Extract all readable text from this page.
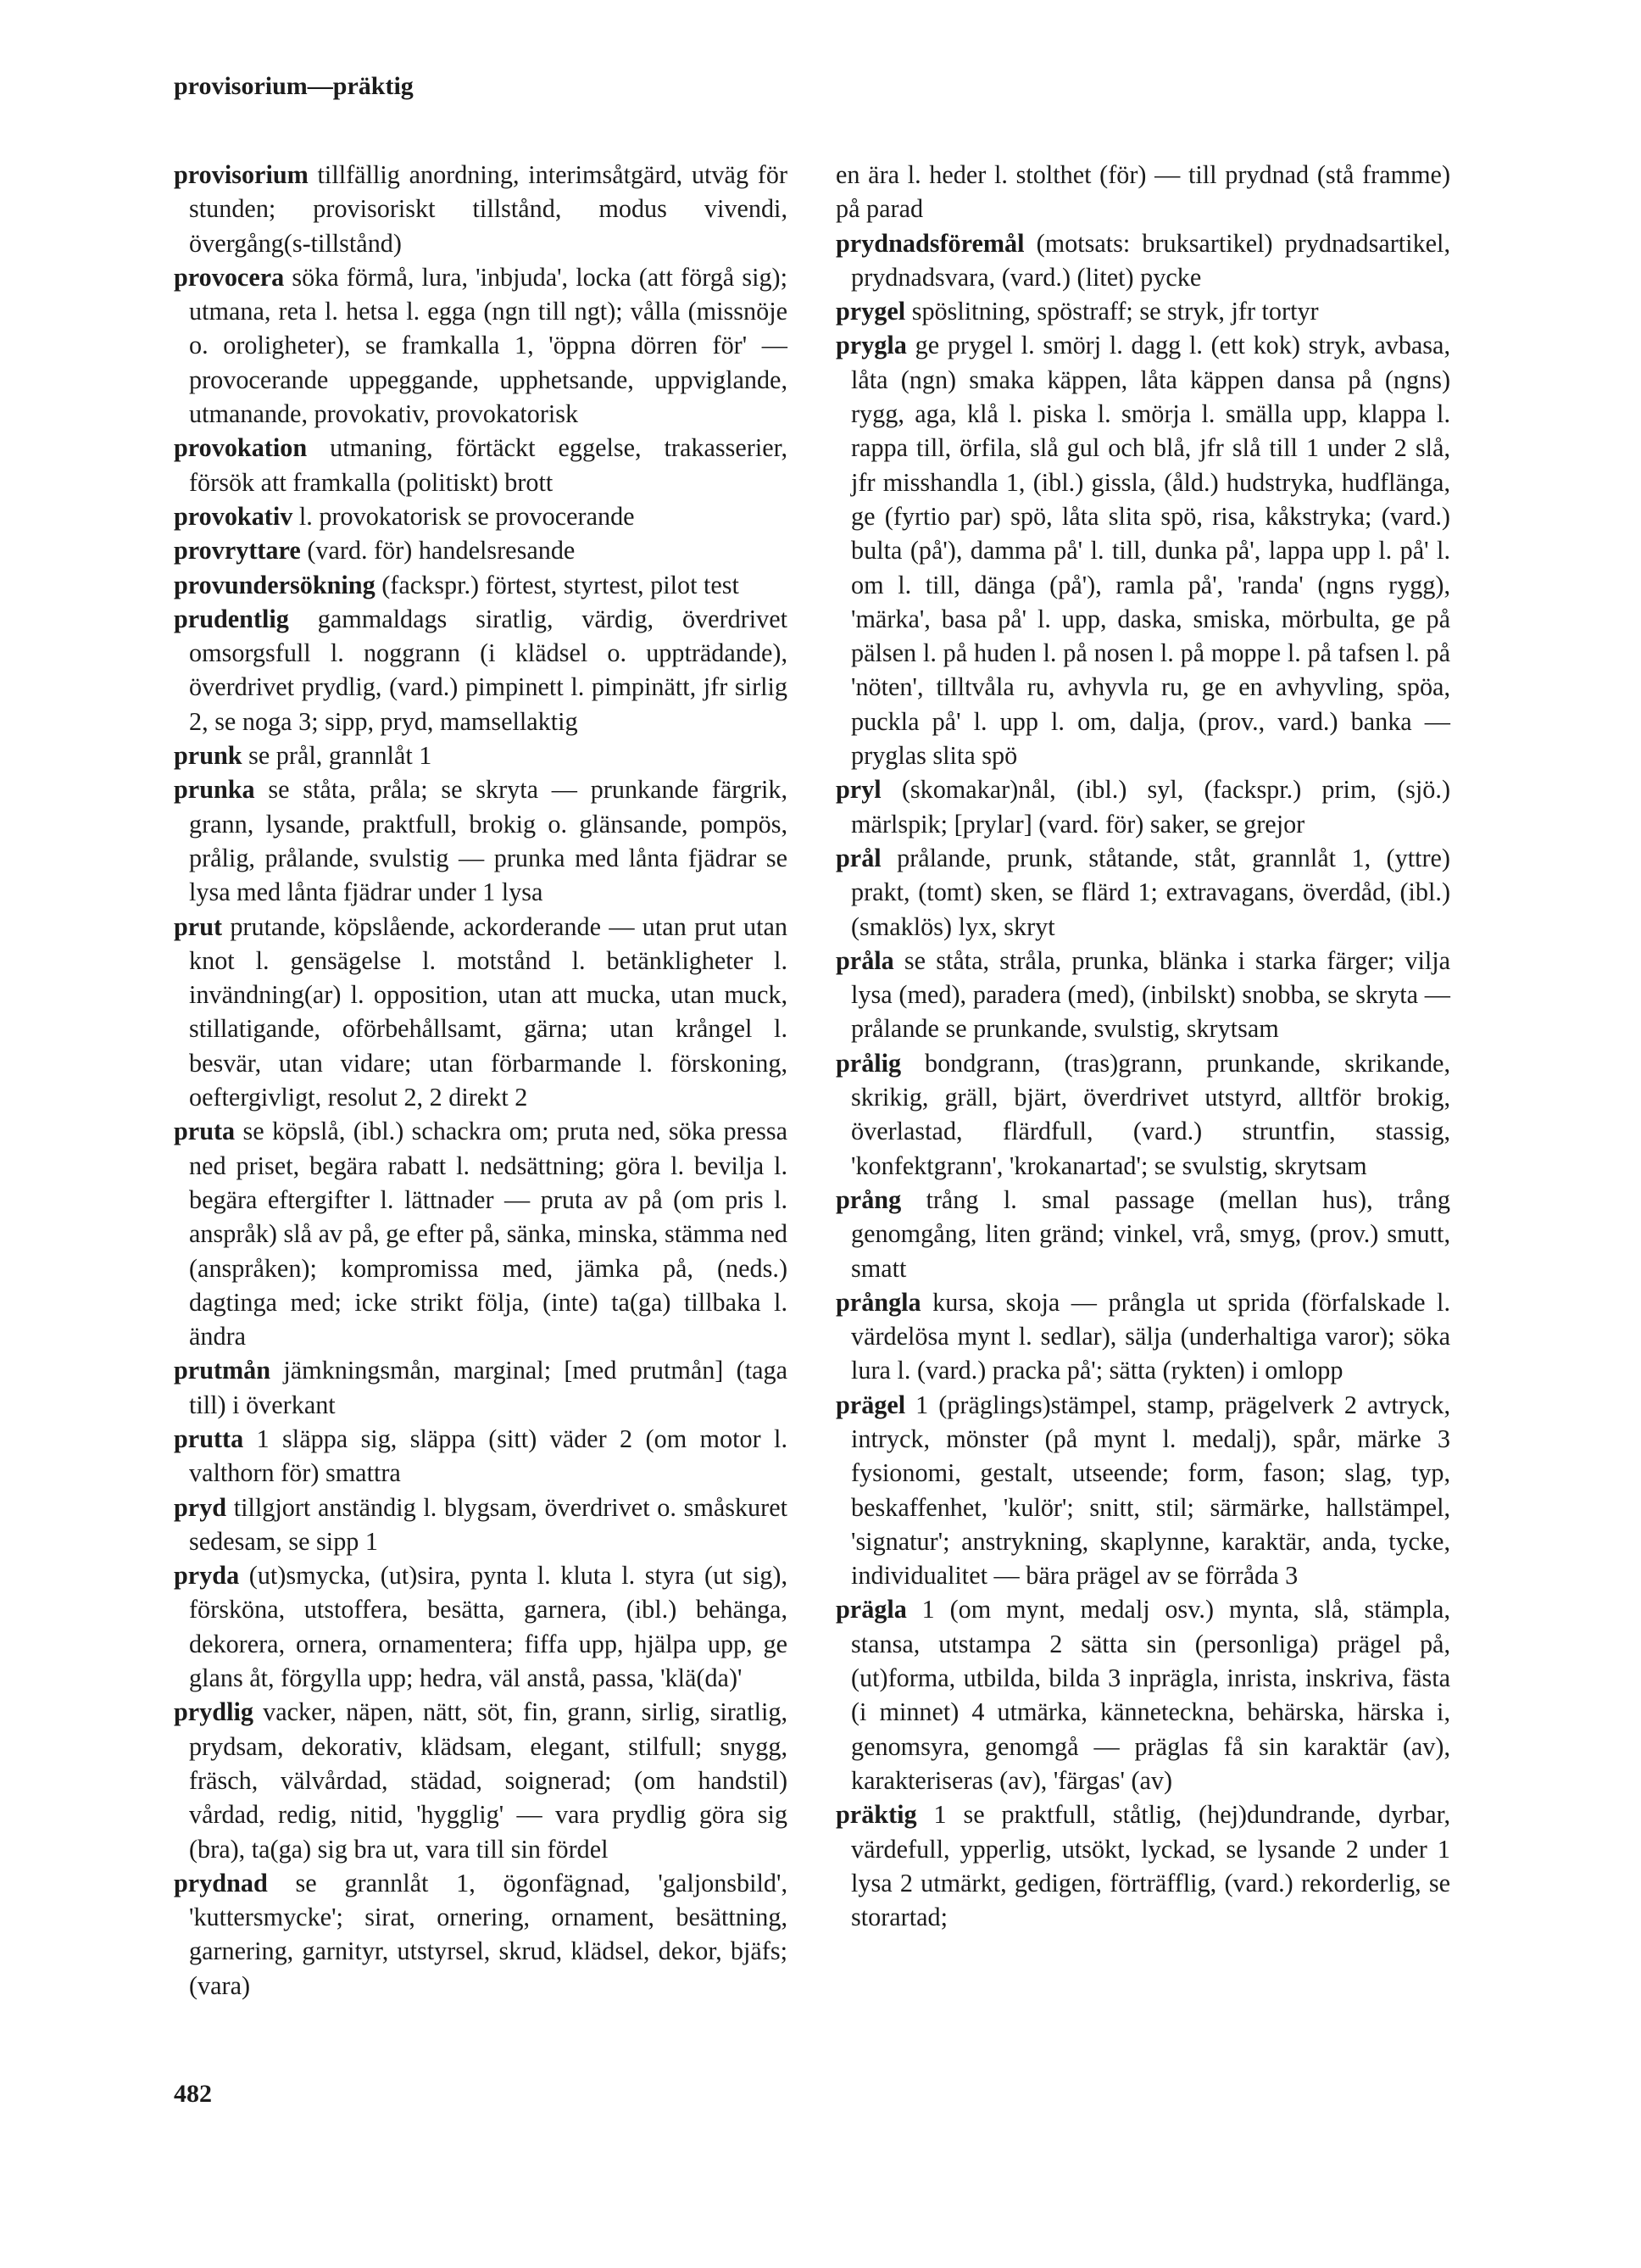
provisorium—präktig

provisorium tillfällig anordning, interimsåtgärd, utväg för stunden; provisoriskt tillstånd, modus vivendi, övergång(s-tillstånd)

provocera söka förmå, lura, 'inbjuda', locka (att förgå sig); utmana, reta l. hetsa l. egga (ngn till ngt); vålla (missnöje o. oroligheter), se framkalla 1, 'öppna dörren för' — provocerande uppeggande, upphetsande, uppviglande, utmanande, provokativ, provokatorisk

provokation utmaning, förtäckt eggelse, trakasserier, försök att framkalla (politiskt) brott

provokativ l. provokatorisk se provocerande

provryttare (vard. för) handelsresande

provundersökning (fackspr.) förtest, styrtest, pilot test

prudentlig gammaldags siratlig, värdig, överdrivet omsorgsfull l. noggrann (i klädsel o. uppträdande), överdrivet prydlig, (vard.) pimpinett l. pimpinätt, jfr sirlig 2, se noga 3; sipp, pryd, mamsellaktig

prunk se prål, grannlåt 1

prunka se ståta, pråla; se skryta — prunkande färgrik, grann, lysande, praktfull, brokig o. glänsande, pompös, prålig, prålande, svulstig — prunka med lånta fjädrar se lysa med lånta fjädrar under 1 lysa

prut prutande, köpslående, ackorderande — utan prut utan knot l. gensägelse l. motstånd l. betänkligheter l. invändning(ar) l. opposition, utan att mucka, utan muck, stillatigande, oförbehållsamt, gärna; utan krångel l. besvär, utan vidare; utan förbarmande l. förskoning, oeftergivligt, resolut 2, 2 direkt 2

pruta se köpslå, (ibl.) schackra om; pruta ned, söka pressa ned priset, begära rabatt l. nedsättning; göra l. bevilja l. begära eftergifter l. lättnader — pruta av på (om pris l. anspråk) slå av på, ge efter på, sänka, minska, stämma ned (anspråken); kompromissa med, jämka på, (neds.) dagtinga med; icke strikt följa, (inte) ta(ga) tillbaka l. ändra

prutmån jämkningsmån, marginal; [med prutmån] (taga till) i överkant

prutta 1 släppa sig, släppa (sitt) väder 2 (om motor l. valthorn för) smattra

pryd tillgjort anständig l. blygsam, överdrivet o. småskuret sedesam, se sipp 1

pryda (ut)smycka, (ut)sira, pynta l. kluta l. styra (ut sig), försköna, utstoffera, besätta, garnera, (ibl.) behänga, dekorera, ornera, ornamentera; fiffa upp, hjälpa upp, ge glans åt, förgylla upp; hedra, väl anstå, passa, 'klä(da)'

prydlig vacker, näpen, nätt, söt, fin, grann, sirlig, siratlig, prydsam, dekorativ, klädsam, elegant, stilfull; snygg, fräsch, välvårdad, städad, soignerad; (om handstil) vårdad, redig, nitid, 'hygglig' — vara prydlig göra sig (bra), ta(ga) sig bra ut, vara till sin fördel

prydnad se grannlåt 1, ögonfägnad, 'galjonsbild', 'kuttersmycke'; sirat, ornering, ornament, besättning, garnering, garnityr, utstyrsel, skrud, klädsel, dekor, bjäfs; (vara)

en ära l. heder l. stolthet (för) — till prydnad (stå framme) på parad

prydnadsföremål (motsats: bruksartikel) prydnadsartikel, prydnadsvara, (vard.) (litet) pycke

prygel spöslitning, spöstraff; se stryk, jfr tortyr

prygla ge prygel l. smörj l. dagg l. (ett kok) stryk, avbasa, låta (ngn) smaka käppen, låta käppen dansa på (ngns) rygg, aga, klå l. piska l. smörja l. smälla upp, klappa l. rappa till, örfila, slå gul och blå, jfr slå till 1 under 2 slå, jfr misshandla 1, (ibl.) gissla, (åld.) hudstryka, hudflänga, ge (fyrtio par) spö, låta slita spö, risa, kåkstryka; (vard.) bulta (på'), damma på' l. till, dunka på', lappa upp l. på' l. om l. till, dänga (på'), ramla på', 'randa' (ngns rygg), 'märka', basa på' l. upp, daska, smiska, mörbulta, ge på pälsen l. på huden l. på nosen l. på moppe l. på tafsen l. på 'nöten', tilltvåla ru, avhyvla ru, ge en avhyvling, spöa, puckla på' l. upp l. om, dalja, (prov., vard.) banka — pryglas slita spö

pryl (skomakar)nål, (ibl.) syl, (fackspr.) prim, (sjö.) märlspik; [prylar] (vard. för) saker, se grejor

prål prålande, prunk, ståtande, ståt, grannlåt 1, (yttre) prakt, (tomt) sken, se flärd 1; extravagans, överdåd, (ibl.) (smaklös) lyx, skryt

pråla se ståta, stråla, prunka, blänka i starka färger; vilja lysa (med), paradera (med), (inbilskt) snobba, se skryta — prålande se prunkande, svulstig, skrytsam

prålig bondgrann, (tras)grann, prunkande, skrikande, skrikig, gräll, bjärt, överdrivet utstyrd, alltför brokig, överlastad, flärdfull, (vard.) struntfin, stassig, 'konfektgrann', 'krokanartad'; se svulstig, skrytsam

prång trång l. smal passage (mellan hus), trång genomgång, liten gränd; vinkel, vrå, smyg, (prov.) smutt, smatt

prångla kursa, skoja — prångla ut sprida (förfalskade l. värdelösa mynt l. sedlar), sälja (underhaltiga varor); söka lura l. (vard.) pracka på'; sätta (rykten) i omlopp

prägel 1 (präglings)stämpel, stamp, prägelverk 2 avtryck, intryck, mönster (på mynt l. medalj), spår, märke 3 fysionomi, gestalt, utseende; form, fason; slag, typ, beskaffenhet, 'kulör'; snitt, stil; särmärke, hallstämpel, 'signatur'; anstrykning, skaplynne, karaktär, anda, tycke, individualitet — bära prägel av se förråda 3

prägla 1 (om mynt, medalj osv.) mynta, slå, stämpla, stansa, utstampa 2 sätta sin (personliga) prägel på, (ut)forma, utbilda, bilda 3 inprägla, inrista, inskriva, fästa (i minnet) 4 utmärka, känneteckna, behärska, härska i, genomsyra, genomgå — präglas få sin karaktär (av), karakteriseras (av), 'färgas' (av)

präktig 1 se praktfull, ståtlig, (hej)dundrande, dyrbar, värdefull, ypperlig, utsökt, lyckad, se lysande 2 under 1 lysa 2 utmärkt, gedigen, förträfflig, (vard.) rekorderlig, se storartad;

482
